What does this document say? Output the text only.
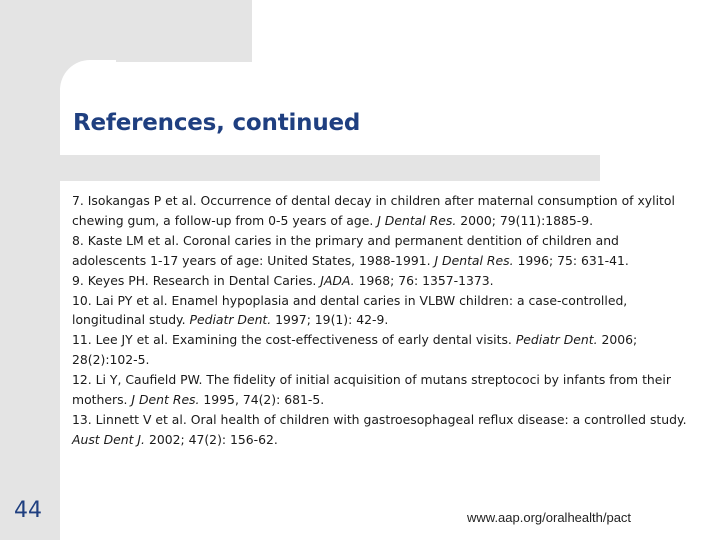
References, continued

7. Isokangas P et al. Occurrence of dental decay in children after maternal consumption of xylitol chewing gum, a follow-up from 0-5 years of age. J Dental Res. 2000; 79(11):1885-9.

8. Kaste LM et al. Coronal caries in the primary and permanent dentition of children and adolescents 1-17 years of age: United States, 1988-1991. J Dental Res. 1996; 75: 631-41.

9. Keyes PH. Research in Dental Caries. JADA. 1968; 76: 1357-1373.

10. Lai PY et al. Enamel hypoplasia and dental caries in VLBW children: a case-controlled, longitudinal study. Pediatr Dent. 1997; 19(1): 42-9.

11. Lee JY et al. Examining the cost-effectiveness of early dental visits. Pediatr Dent. 2006; 28(2):102-5.

12. Li Y, Caufield PW. The fidelity of initial acquisition of mutans streptococi by infants from their mothers. J Dent Res. 1995, 74(2): 681-5.

13. Linnett V et al. Oral health of children with gastroesophageal reflux disease: a controlled study. Aust Dent J. 2002; 47(2): 156-62.

44	www.aap.org/oralhealth/pact
